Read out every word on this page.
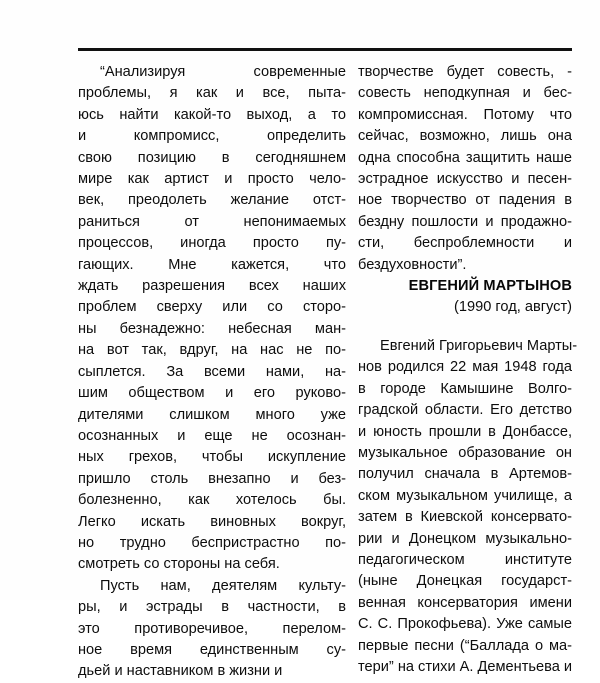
“Анализируя современные
проблемы, я как и все, пыта-
юсь найти какой-то выход, а то
и компромисс, определить
свою позицию в сегодняшнем
мире как артист и просто чело-
век, преодолеть желание отст-
раниться от непонимаемых
процессов, иногда просто пу-
гающих. Мне кажется, что
ждать разрешения всех наших
проблем сверху или со сторо-
ны безнадежно: небесная ман-
на вот так, вдруг, на нас не по-
сыплется. За всеми нами, на-
шим обществом и его руково-
дителями слишком много уже
осознанных и еще не осознан-
ных грехов, чтобы искупление
пришло столь внезапно и без-
болезненно, как хотелось бы.
Легко искать виновных вокруг,
но трудно беспристрастно по-
смотреть со стороны на себя.
Пусть нам, деятелям культу-
ры, и эстрады в частности, в
это противоречивое, перелом-
ное время единственным су-
дьей и наставником в жизни и
творчестве будет совесть, -
совесть неподкупная и бес-
компромиссная. Потому что
сейчас, возможно, лишь она
одна способна защитить наше
эстрадное искусство и песен-
ное творчество от падения в
бездну пошлости и продажно-
сти, беспроблемности и
бездуховности”.
ЕВГЕНИЙ МАРТЫНОВ
(1990 год, август)
Евгений Григорьевич Марты-
нов родился 22 мая 1948 года
в городе Камышине Волго-
градской области. Его детство
и юность прошли в Донбассе,
музыкальное образование он
получил сначала в Артемов-
ском музыкальном училище, а
затем в Киевской консервато-
рии и Донецком музыкально-
педагогическом институте
(ныне Донецкая государст-
венная консерватория имени
С. С. Прокофьева). Уже самые
первые песни (“Баллада о ма-
тери” на стихи А. Дементьева и
